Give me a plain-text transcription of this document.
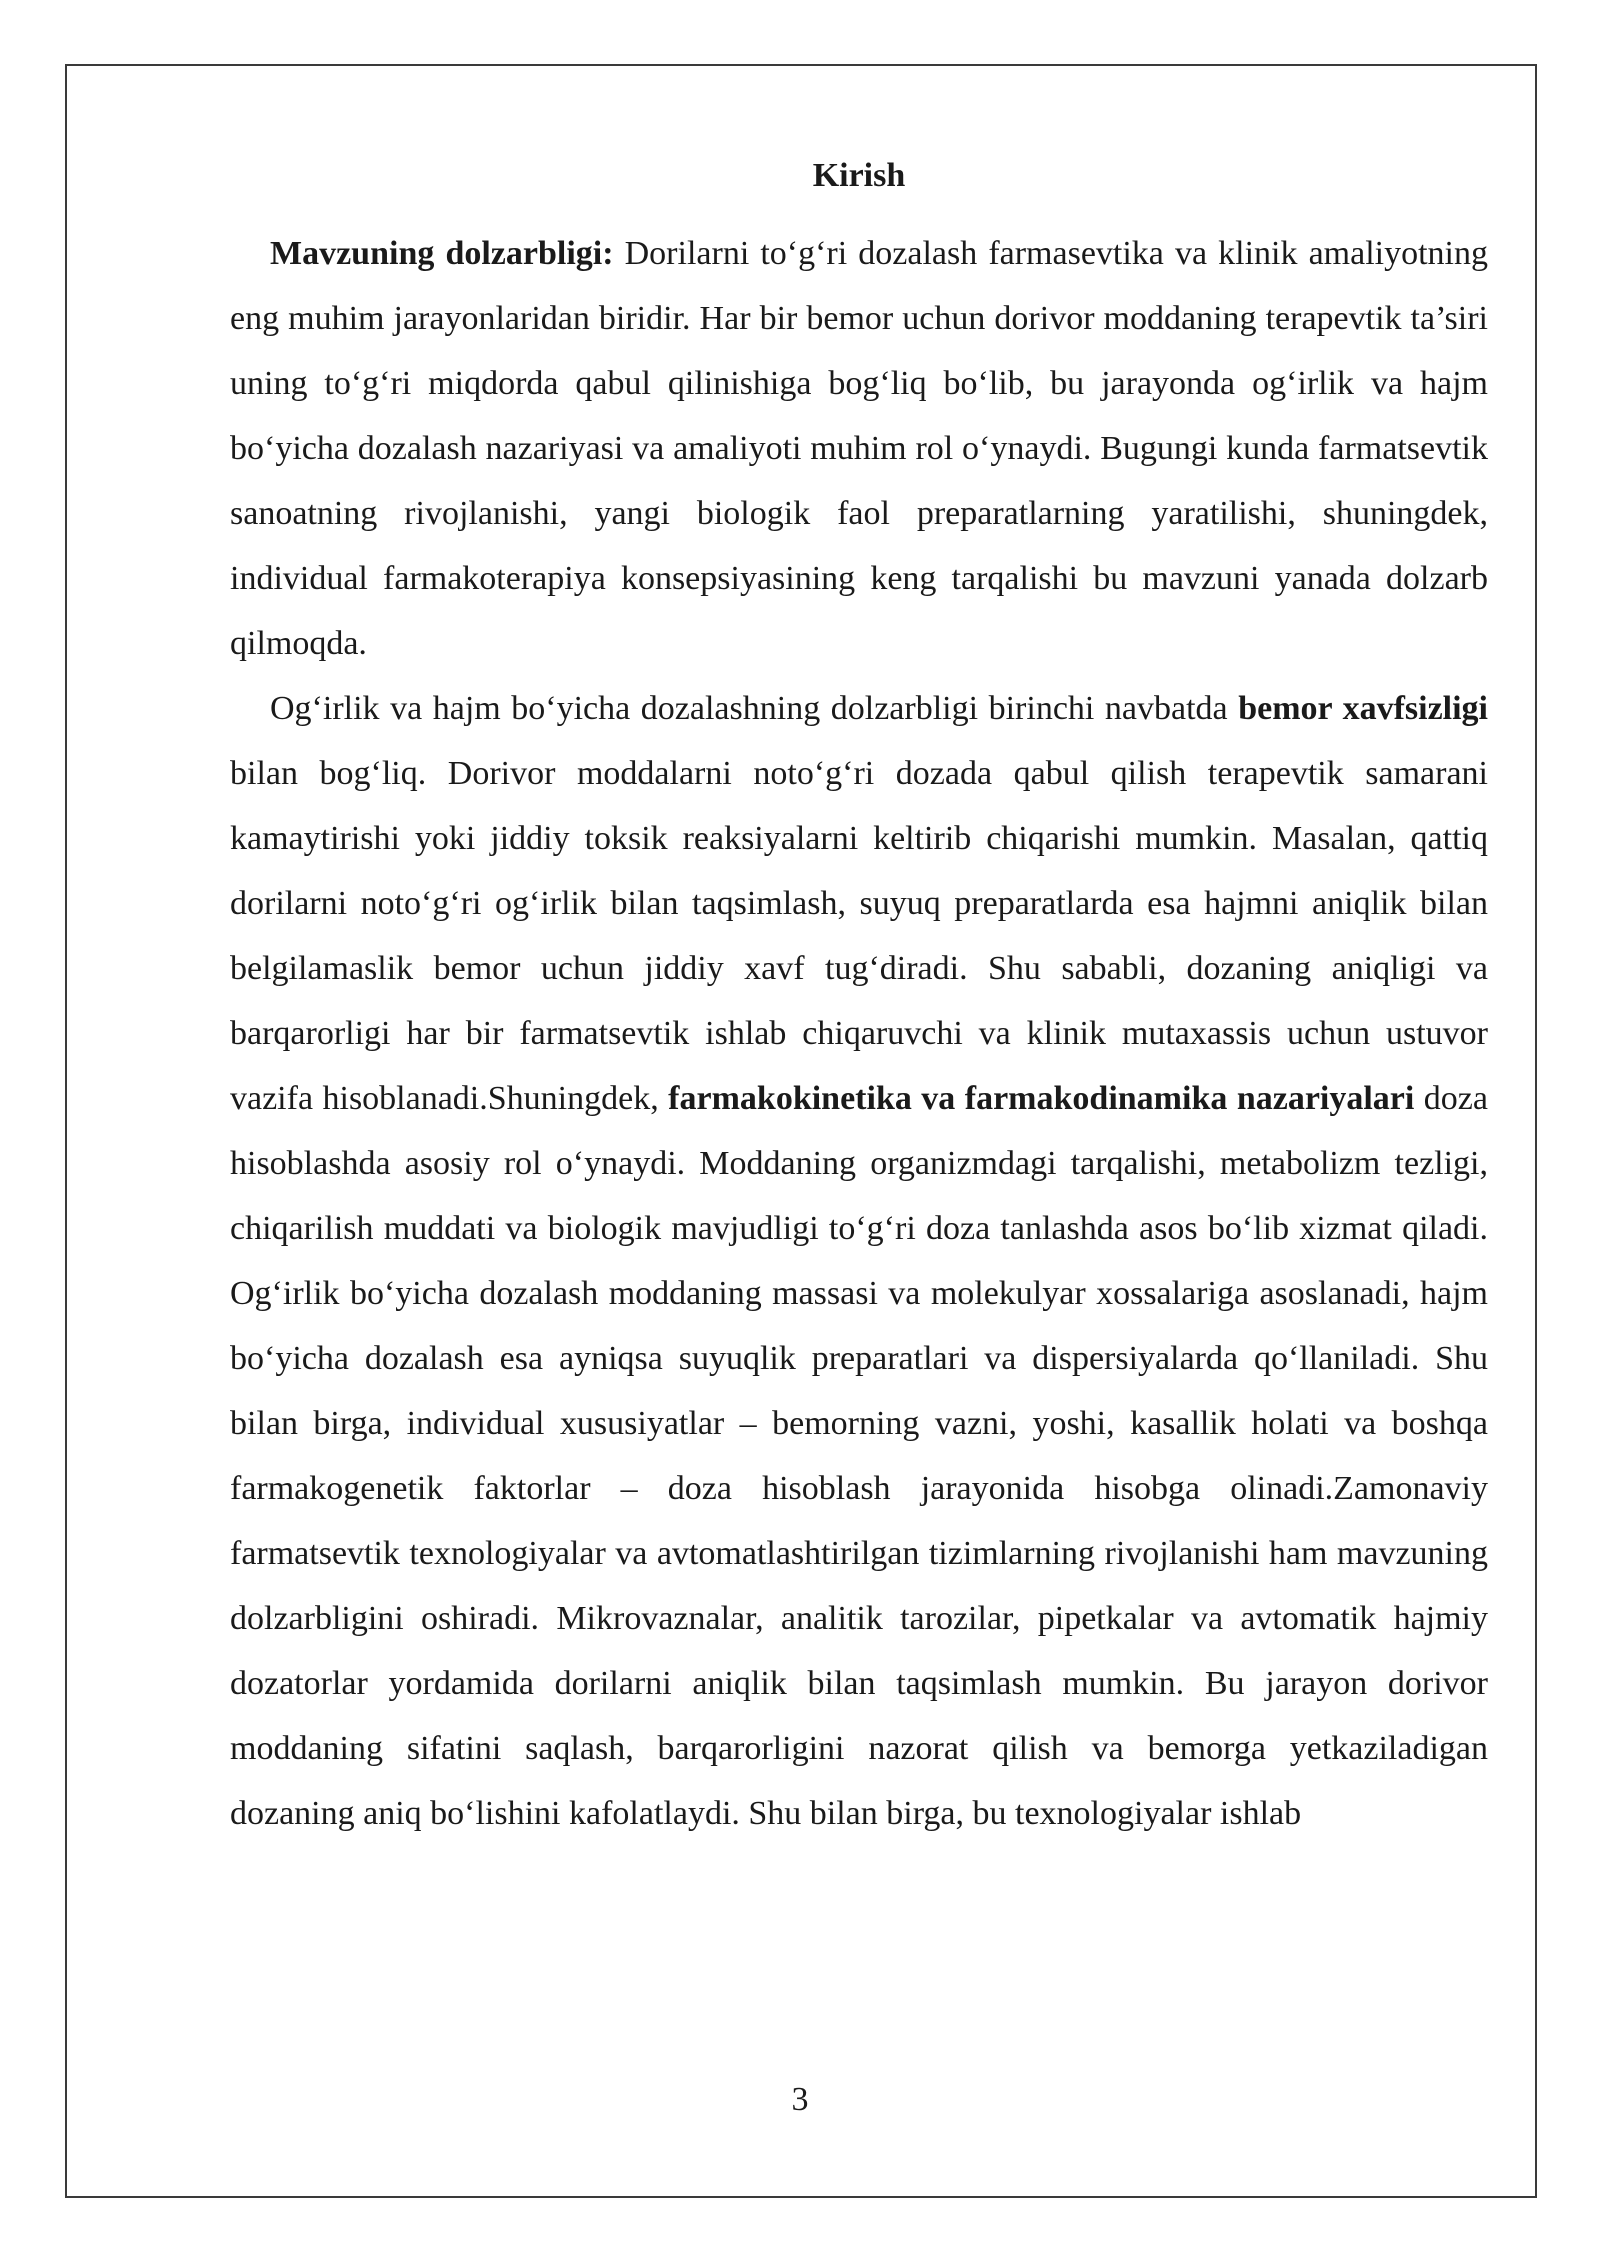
Kirish

Mavzuning dolzarbligi: Dorilarni to‘g‘ri dozalash farmasevtika va klinik amaliyotning eng muhim jarayonlaridan biridir. Har bir bemor uchun dorivor moddaning terapevtik ta’siri uning to‘g‘ri miqdorda qabul qilinishiga bog‘liq bo‘lib, bu jarayonda og‘irlik va hajm bo‘yicha dozalash nazariyasi va amaliyoti muhim rol o‘ynaydi. Bugungi kunda farmatsevtik sanoatning rivojlanishi, yangi biologik faol preparatlarning yaratilishi, shuningdek, individual farmakoterapiya konsepsiyasining keng tarqalishi bu mavzuni yanada dolzarb qilmoqda.

Og‘irlik va hajm bo‘yicha dozalashning dolzarbligi birinchi navbatda bemor xavfsizligi bilan bog‘liq. Dorivor moddalarni noto‘g‘ri dozada qabul qilish terapevtik samarani kamaytirishi yoki jiddiy toksik reaksiyalarni keltirib chiqarishi mumkin. Masalan, qattiq dorilarni noto‘g‘ri og‘irlik bilan taqsimlash, suyuq preparatlarda esa hajmni aniqlik bilan belgilamaslik bemor uchun jiddiy xavf tug‘diradi. Shu sababli, dozaning aniqligi va barqarorligi har bir farmatsevtik ishlab chiqaruvchi va klinik mutaxassis uchun ustuvor vazifa hisoblanadi.Shuningdek, farmakokinetika va farmakodinamika nazariyalari doza hisoblashda asosiy rol o‘ynaydi. Moddaning organizmdagi tarqalishi, metabolizm tezligi, chiqarilish muddati va biologik mavjudligi to‘g‘ri doza tanlashda asos bo‘lib xizmat qiladi. Og‘irlik bo‘yicha dozalash moddaning massasi va molekulyar xossalariga asoslanadi, hajm bo‘yicha dozalash esa ayniqsa suyuqlik preparatlari va dispersiyalarda qo‘llaniladi. Shu bilan birga, individual xususiyatlar – bemorning vazni, yoshi, kasallik holati va boshqa farmakogenetik faktorlar – doza hisoblash jarayonida hisobga olinadi.Zamonaviy farmatsevtik texnologiyalar va avtomatlashtirilgan tizimlarning rivojlanishi ham mavzuning dolzarbligini oshiradi. Mikrovaznalar, analitik tarozilar, pipetkalar va avtomatik hajmiy dozatorlar yordamida dorilarni aniqlik bilan taqsimlash mumkin. Bu jarayon dorivor moddaning sifatini saqlash, barqarorligini nazorat qilish va bemorga yetkaziladigan dozaning aniq bo‘lishini kafolatlaydi. Shu bilan birga, bu texnologiyalar ishlab

3
